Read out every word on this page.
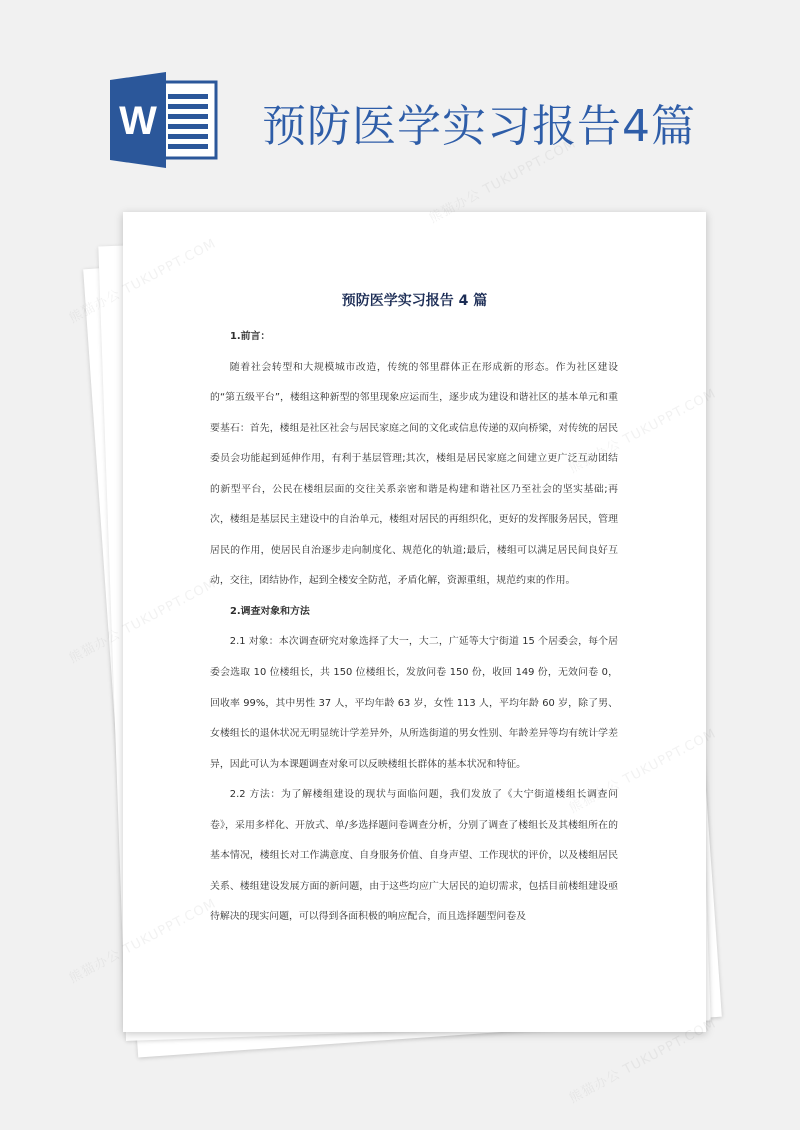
W 预防医学实习报告4篇
预防医学实习报告 4 篇

1.前言：

随着社会转型和大规模城市改造，传统的邻里群体正在形成新的形态。作为社区建设的“第五级平台”，楼组这种新型的邻里现象应运而生，逐步成为建设和谐社区的基本单元和重要基石：首先，楼组是社区社会与居民家庭之间的文化或信息传递的双向桥梁，对传统的居民委员会功能起到延伸作用，有利于基层管理;其次，楼组是居民家庭之间建立更广泛互动团结的新型平台，公民在楼组层面的交往关系亲密和谐是构建和谐社区乃至社会的坚实基础;再次，楼组是基层民主建设中的自治单元，楼组对居民的再组织化，更好的发挥服务居民，管理居民的作用，使居民自治逐步走向制度化、规范化的轨道;最后，楼组可以满足居民间良好互动，交往，团结协作，起到全楼安全防范，矛盾化解，资源重组，规范约束的作用。

2.调查对象和方法

2.1 对象：本次调查研究对象选择了大一，大二，广延等大宁街道 15 个居委会，每个居委会选取 10 位楼组长，共 150 位楼组长，发放问卷 150 份，收回 149 份，无效问卷 0，回收率 99%，其中男性 37 人，平均年龄 63 岁，女性 113 人，平均年龄 60 岁，除了男、女楼组长的退休状况无明显统计学差异外，从所选街道的男女性别、年龄差异等均有统计学差异，因此可认为本课题调查对象可以反映楼组长群体的基本状况和特征。

2.2 方法：为了解楼组建设的现状与面临问题，我们发放了《大宁街道楼组长调查问卷》，采用多样化、开放式、单/多选择题问卷调查分析，分别了调查了楼组长及其楼组所在的基本情况，楼组长对工作满意度、自身服务价值、自身声望、工作现状的评价，以及楼组居民关系、楼组建设发展方面的新问题，由于这些均应广大居民的迫切需求，包括目前楼组建设亟待解决的现实问题，可以得到各面积极的响应配合，而且选择题型问卷及

熊猫办公 TUKUPPT.COM
熊猫办公
熊猫办公
熊猫办公 TUKUPPT.COM
